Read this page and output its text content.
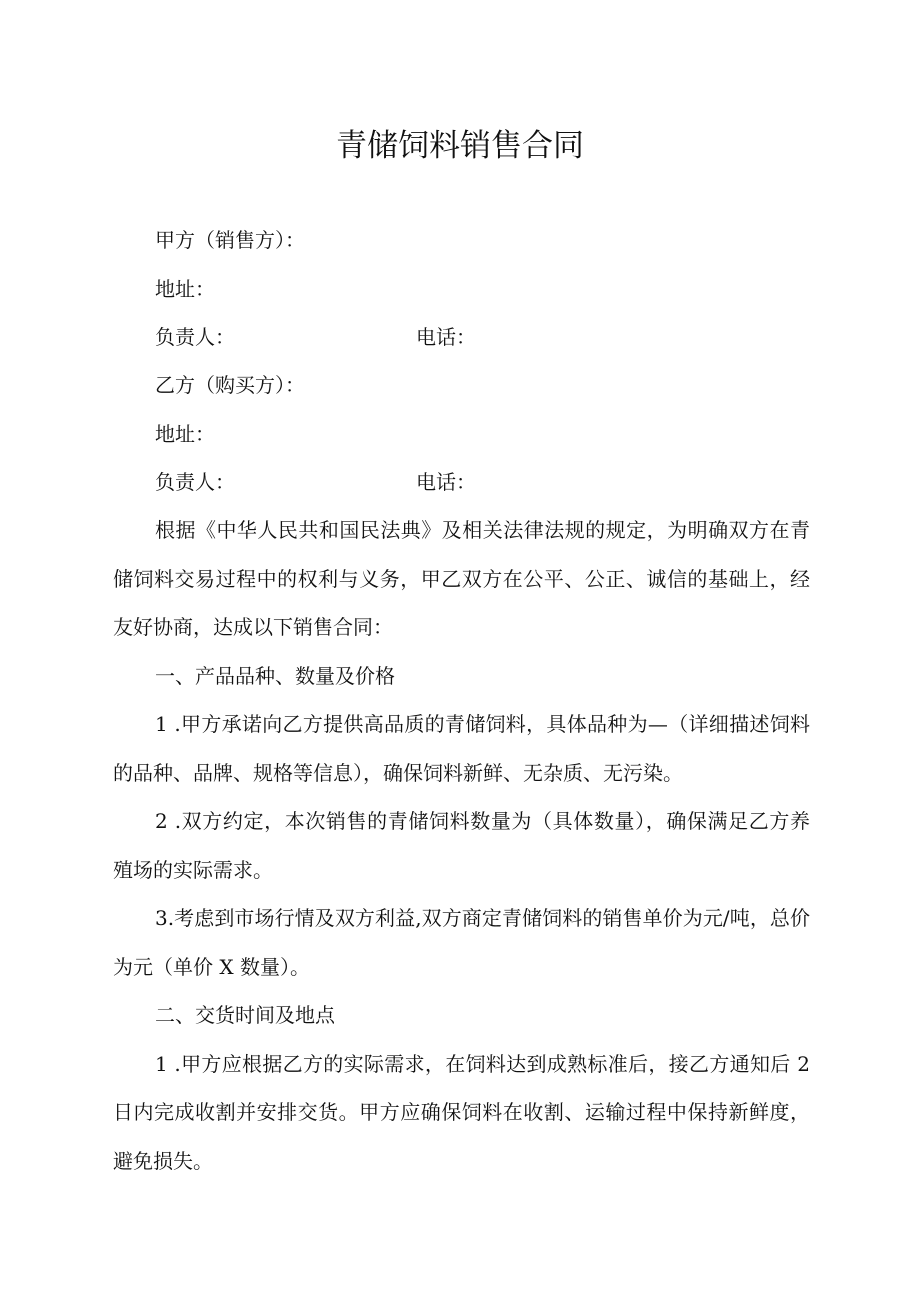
青储饲料销售合同
甲方（销售方）：
地址：
负责人：	电话：
乙方（购买方）：
地址：
负责人：	电话：

根据《中华人民共和国民法典》及相关法律法规的规定，为明确双方在青储饲料交易过程中的权利与义务，甲乙双方在公平、公正、诚信的基础上，经友好协商，达成以下销售合同：

一、产品品种、数量及价格

1 .甲方承诺向乙方提供高品质的青储饲料，具体品种为—（详细描述饲料的品种、品牌、规格等信息），确保饲料新鲜、无杂质、无污染。

2 .双方约定，本次销售的青储饲料数量为（具体数量），确保满足乙方养殖场的实际需求。

3.考虑到市场行情及双方利益,双方商定青储饲料的销售单价为元/吨，总价为元（单价 X 数量）。

二、交货时间及地点

1 .甲方应根据乙方的实际需求，在饲料达到成熟标准后，接乙方通知后 2 日内完成收割并安排交货。甲方应确保饲料在收割、运输过程中保持新鲜度，避免损失。
